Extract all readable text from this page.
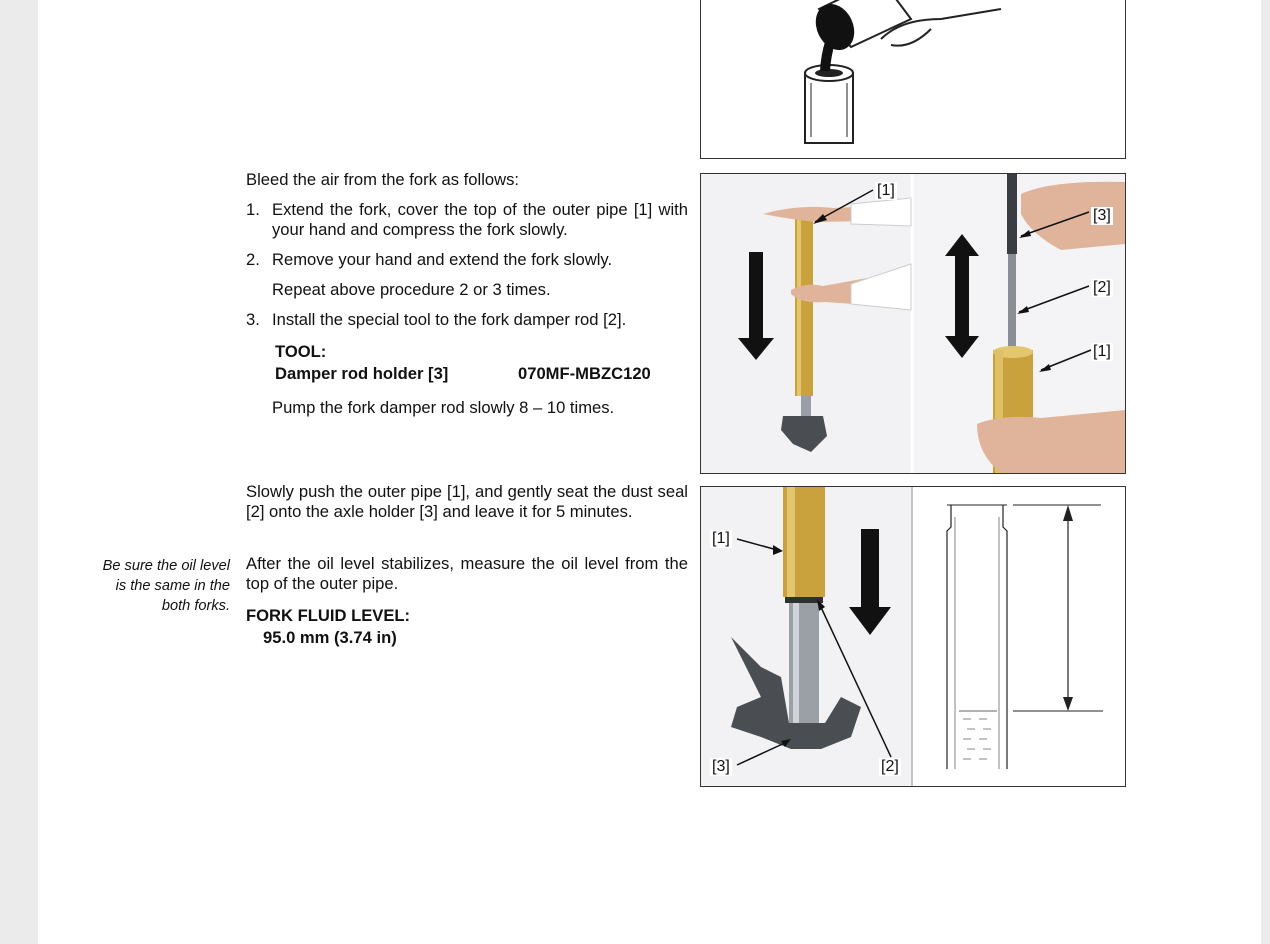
Bleed the air from the fork as follows:
1. Extend the fork, cover the top of the outer pipe [1] with your hand and compress the fork slowly.
2. Remove your hand and extend the fork slowly.
Repeat above procedure 2 or 3 times.
3. Install the special tool to the fork damper rod [2].
TOOL:
Damper rod holder [3]	070MF-MBZC120
Pump the fork damper rod slowly 8 – 10 times.
[1]
[3]
[2]
[1]
Slowly push the outer pipe [1], and gently seat the dust seal [2] onto the axle holder [3] and leave it for 5 minutes.
Be sure the oil level
is the same in the
both forks.
After the oil level stabilizes, measure the oil level from the top of the outer pipe.
FORK FLUID LEVEL:
95.0 mm (3.74 in)
[1]
[3]	[2]
